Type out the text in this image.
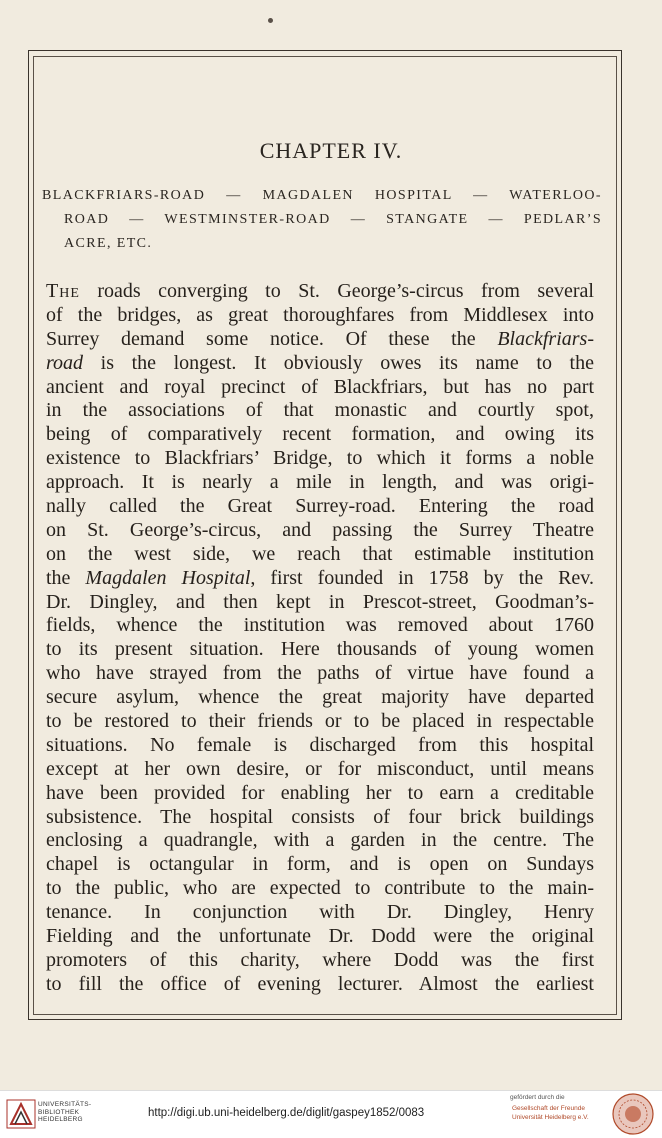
CHAPTER IV.
BLACKFRIARS-ROAD — MAGDALEN HOSPITAL — WATERLOO-
ROAD — WESTMINSTER-ROAD — STANGATE — PEDLAR’S
ACRE, ETC.
The roads converging to St. George’s-circus from several
of the bridges, as great thoroughfares from Middlesex into
Surrey demand some notice. Of these the Blackfriars-
road is the longest. It obviously owes its name to the
ancient and royal precinct of Blackfriars, but has no part
in the associations of that monastic and courtly spot,
being of comparatively recent formation, and owing its
existence to Blackfriars’ Bridge, to which it forms a noble
approach. It is nearly a mile in length, and was origi-
nally called the Great Surrey-road. Entering the road
on St. George’s-circus, and passing the Surrey Theatre
on the west side, we reach that estimable institution
the Magdalen Hospital, first founded in 1758 by the Rev.
Dr. Dingley, and then kept in Prescot-street, Goodman’s-
fields, whence the institution was removed about 1760
to its present situation. Here thousands of young women
who have strayed from the paths of virtue have found a
secure asylum, whence the great majority have departed
to be restored to their friends or to be placed in respectable
situations. No female is discharged from this hospital
except at her own desire, or for misconduct, until means
have been provided for enabling her to earn a creditable
subsistence. The hospital consists of four brick buildings
enclosing a quadrangle, with a garden in the centre. The
chapel is octangular in form, and is open on Sundays
to the public, who are expected to contribute to the main-
tenance. In conjunction with Dr. Dingley, Henry
Fielding and the unfortunate Dr. Dodd were the original
promoters of this charity, where Dodd was the first
to fill the office of evening lecturer. Almost the earliest
UNIVERSITÄTS-
BIBLIOTHEK
HEIDELBERG
http://digi.ub.uni-heidelberg.de/diglit/gaspey1852/0083
gefördert durch die
Gesellschaft der Freunde
Universität Heidelberg e.V.
